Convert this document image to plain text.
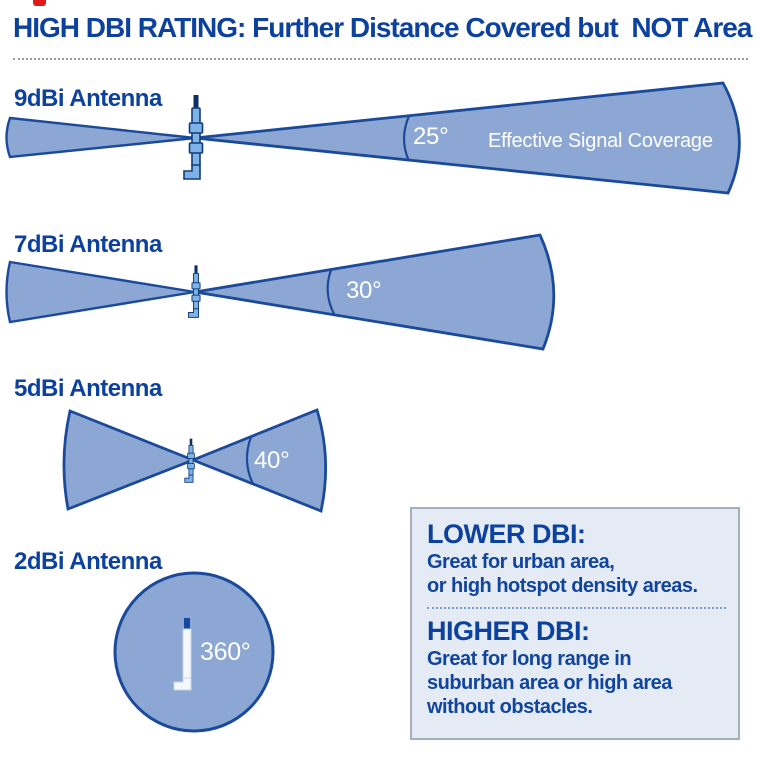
HIGH DBI RATING: Further Distance Covered but  NOT Area
9dBi Antenna
7dBi Antenna
5dBi Antenna
2dBi Antenna
25° Effective Signal Coverage
30°
40°
360°
LOWER DBI:
Great for urban area,
or high hotspot density areas.
HIGHER DBI:
Great for long range in
suburban area or high area
without obstacles.
